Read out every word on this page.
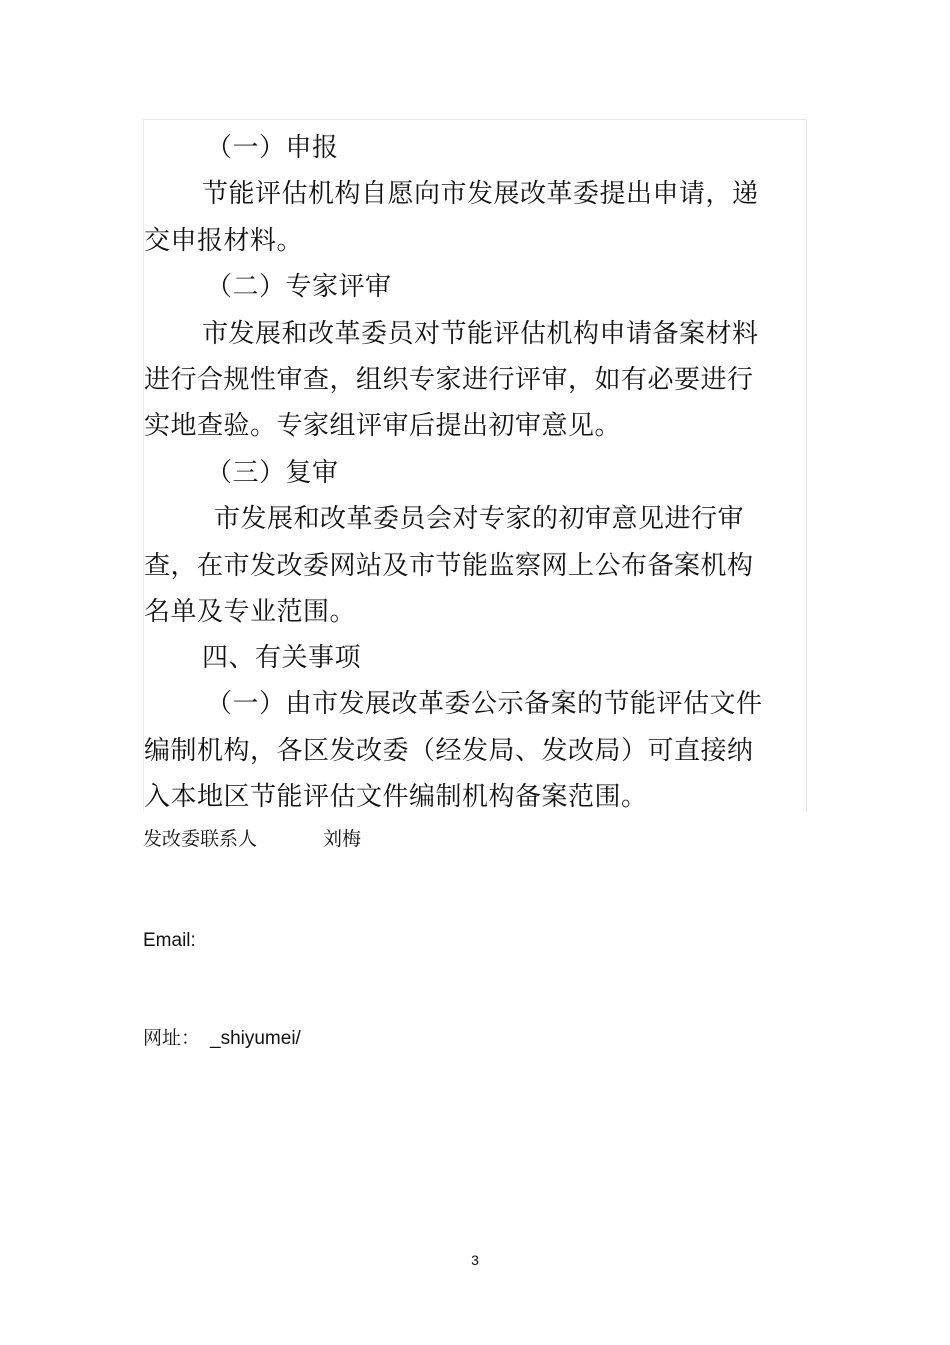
（一）申报
节能评估机构自愿向市发展改革委提出申请，递
交申报材料。
（二）专家评审
市发展和改革委员对节能评估机构申请备案材料
进行合规性审查，组织专家进行评审，如有必要进行
实地查验。专家组评审后提出初审意见。
（三）复审
市发展和改革委员会对专家的初审意见进行审
查，在市发改委网站及市节能监察网上公布备案机构
名单及专业范围。
四、有关事项
（一）由市发展改革委公示备案的节能评估文件
编制机构，各区发改委（经发局、发改局）可直接纳
入本地区节能评估文件编制机构备案范围。
发改委联系人	刘梅
Email:
网址： _shiyumei/
3
